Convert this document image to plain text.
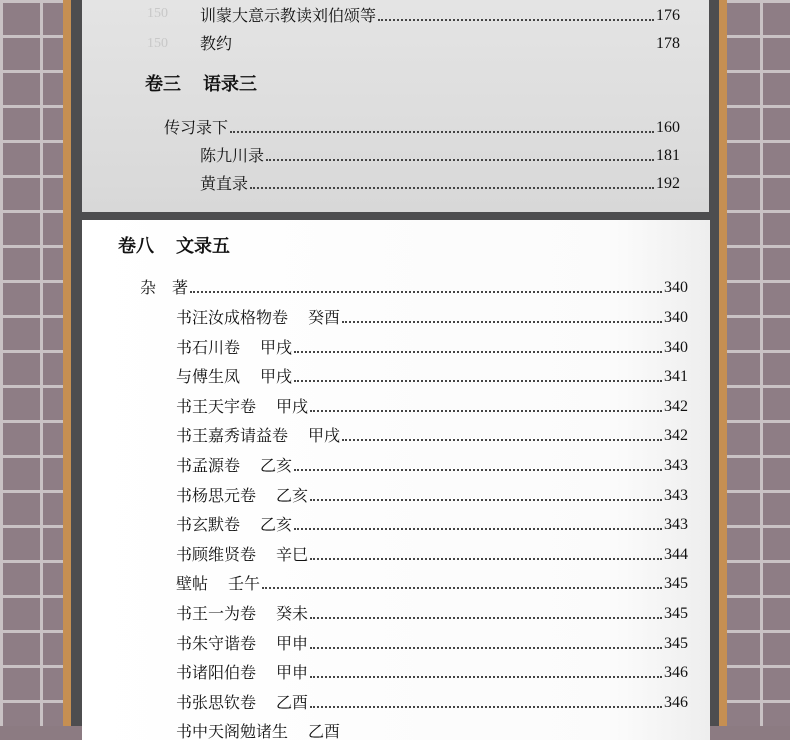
150
150
训蒙大意示教读刘伯颂等	176
教约	178
卷三 语录三
传习录下	160
陈九川录	181
黄直录	192
卷八 文录五
杂　著	340
书汪汝成格物卷 癸酉	340
书石川卷 甲戌	340
与傅生凤 甲戌	341
书王天宇卷 甲戌	342
书王嘉秀请益卷 甲戌	342
书孟源卷 乙亥	343
书杨思元卷 乙亥	343
书玄默卷 乙亥	343
书顾维贤卷 辛巳	344
壁帖 壬午	345
书王一为卷 癸未	345
书朱守谐卷 甲申	345
书诸阳伯卷 甲申	346
书张思钦卷 乙酉	346
书中天阁勉诸生 乙酉
